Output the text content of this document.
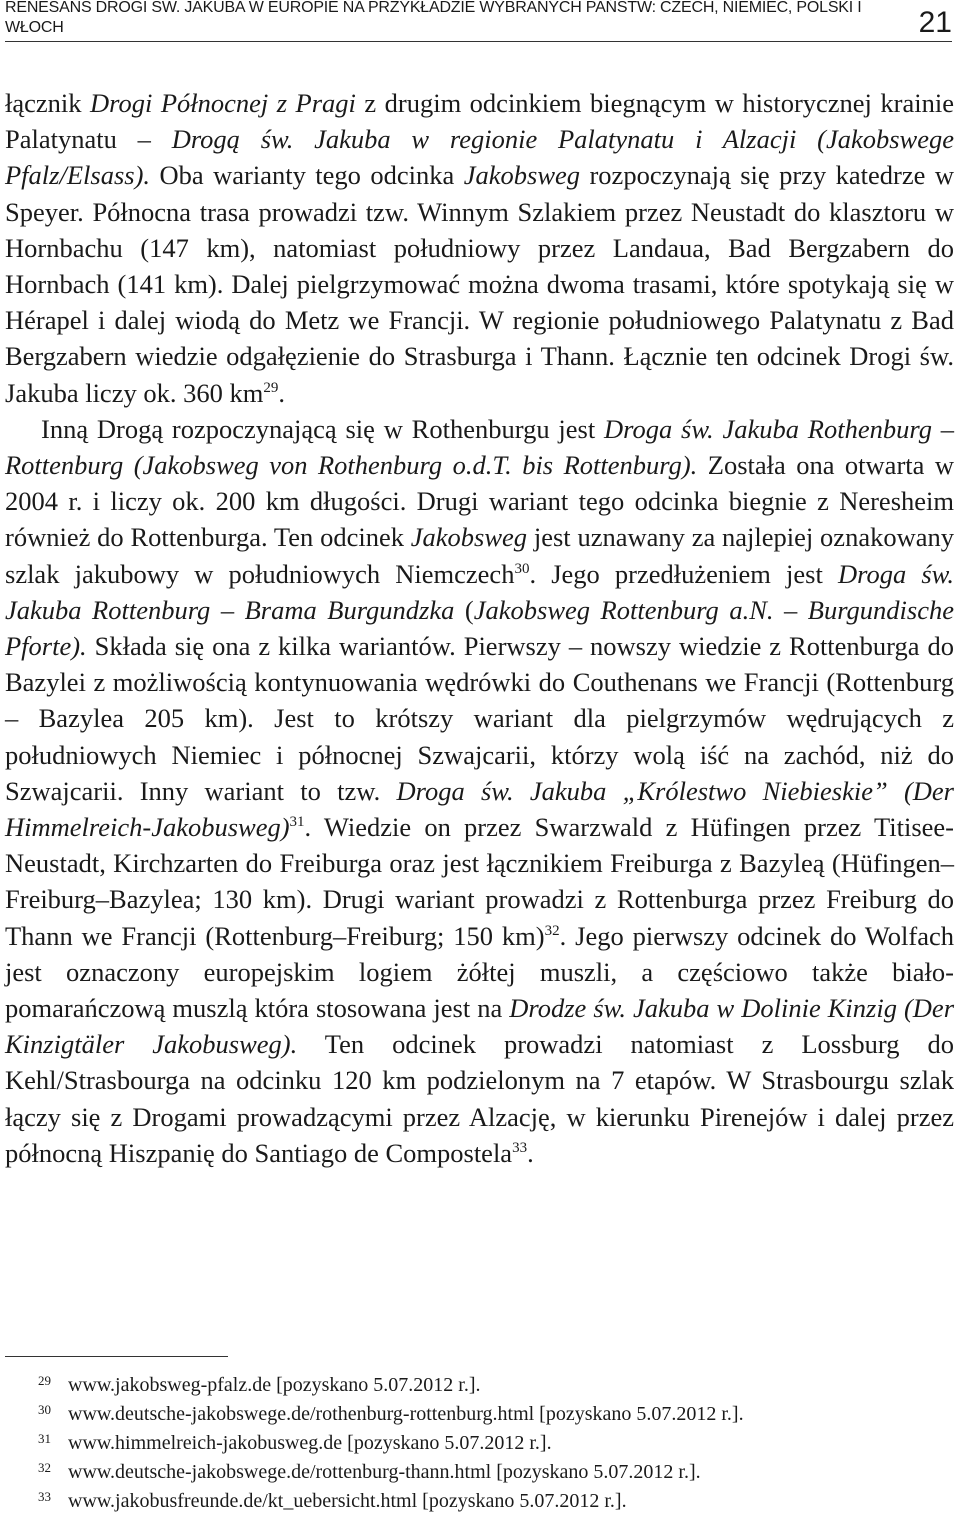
RENESANS DROGI ŚW. JAKUBA W EUROPIE NA PRZYKŁADZIE WYBRANYCH PAŃSTW: CZECH, NIEMIEC, POLSKI I WŁOCH	21

łącznik Drogi Północnej z Pragi z drugim odcinkiem biegnącym w historycznej krainie Palatynatu – Drogą św. Jakuba w regionie Palatynatu i Alzacji (Jakobswege Pfalz/Elsass). Oba warianty tego odcinka Jakobsweg rozpoczynają się przy katedrze w Speyer. Północna trasa prowadzi tzw. Winnym Szlakiem przez Neustadt do klasztoru w Hornbachu (147 km), natomiast południowy przez Landaua, Bad Bergzabern do Hornbach (141 km). Dalej pielgrzymować można dwoma trasami, które spotykają się w Hérapel i dalej wiodą do Metz we Francji. W regionie południowego Palatynatu z Bad Bergzabern wiedzie odgałęzienie do Strasburga i Thann. Łącznie ten odcinek Drogi św. Jakuba liczy ok. 360 $km^{29}$.

Inną Drogą rozpoczynającą się w Rothenburgu jest Droga św. Jakuba Rothenburg – Rottenburg (Jakobsweg von Rothenburg o.d.T. bis Rottenburg). Została ona otwarta w 2004 r. i liczy ok. 200 km długości. Drugi wariant tego odcinka biegnie z Neresheim również do Rottenburga. Ten odcinek Jakobsweg jest uznawany za najlepiej oznakowany szlak jakubowy w południowych Niemczech$^{30}$. Jego przedłużeniem jest Droga św. Jakuba Rottenburg – Brama Burgundzka (Jakobsweg Rottenburg a.N. – Burgundische Pforte). Składa się ona z kilka wariantów. Pierwszy – nowszy wiedzie z Rottenburga do Bazylei z możliwością kontynuowania wędrówki do Couthenans we Francji (Rottenburg – Bazylea 205 km). Jest to krótszy wariant dla pielgrzymów wędrujących z południowych Niemiec i północnej Szwajcarii, którzy wolą iść na zachód, niż do Szwajcarii. Inny wariant to tzw. Droga św. Jakuba „Królestwo Niebieskie” (Der Himmelreich-Jakobusweg)$^{31}$. Wiedzie on przez Swarzwald z Hüfingen przez Titisee-Neustadt, Kirchzarten do Freiburga oraz jest łącznikiem Freiburga z Bazyleą (Hüfingen–Freiburg–Bazylea; 130 km). Drugi wariant prowadzi z Rottenburga przez Freiburg do Thann we Francji (Rottenburg–Freiburg; 150 km)$^{32}$. Jego pierwszy odcinek do Wolfach jest oznaczony europejskim logiem żółtej muszli, a częściowo także biało-pomarańczową muszlą która stosowana jest na Drodze św. Jakuba w Dolinie Kinzig (Der Kinzigtäler Jakobusweg). Ten odcinek prowadzi natomiast z Lossburg do Kehl/Strasbourga na odcinku 120 km podzielonym na 7 etapów. W Strasbourgu szlak łączy się z Drogami prowadzącymi przez Alzację, w kierunku Pirenejów i dalej przez północną Hiszpanię do Santiago de Compostela$^{33}$.

29 www.jakobsweg-pfalz.de [pozyskano 5.07.2012 r.].
30 www.deutsche-jakobswege.de/rothenburg-rottenburg.html [pozyskano 5.07.2012 r.].
31 www.himmelreich-jakobusweg.de [pozyskano 5.07.2012 r.].
32 www.deutsche-jakobswege.de/rottenburg-thann.html [pozyskano 5.07.2012 r.].
33 www.jakobusfreunde.de/kt_uebersicht.html [pozyskano 5.07.2012 r.].
